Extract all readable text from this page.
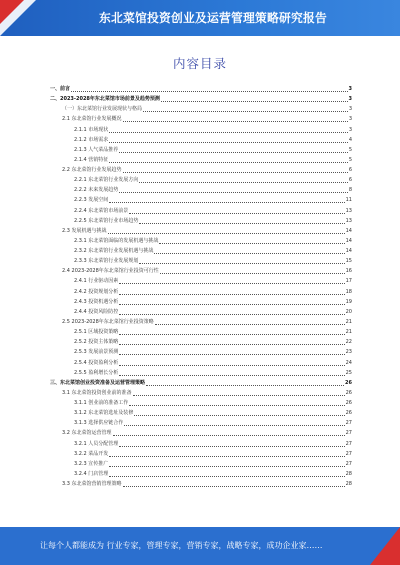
东北菜馆投资创业及运营管理策略研究报告
内容目录
一、前言	3
二、2023-2028年东北菜馆市场前景及趋势预测	3
（一）东北菜馆行业发展现状与格局	3
2.1 东北菜馆行业发展概况	3
2.1.1 市场现状	3
2.1.2 市场需求	4
2.1.3 人气菜品推荐	5
2.1.4 营销特征	5
2.2 东北菜馆行业发展趋势	6
2.2.1 东北菜馆行业发展方向	6
2.2.2 未来发展趋势	8
2.2.3 发展空间	11
2.2.4 东北菜馆市场前景	13
2.2.5 东北菜馆行业市场趋势	13
2.3 发展机遇与挑战	14
2.3.1 东北菜馆面临的发展机遇与挑战	14
2.3.2 东北菜馆行业发展机遇与挑战	14
2.3.3 东北菜馆行业发展规划	15
2.4 2023-2028年东北菜馆行业投资可行性	16
2.4.1 行业驱动因素	17
2.4.2 投资规划分析	18
2.4.3 投资机遇分析	19
2.4.4 投资风险防控	20
2.5 2023-2028年东北菜馆行业投资策略	21
2.5.1 区域投资策略	21
2.5.2 投资主体策略	22
2.5.3 发展前景预测	23
2.5.4 投资盈利分析	24
2.5.5 盈利增长分析	25
三、东北菜馆创业投资准备及运营管理策略	26
3.1 东北菜馆投资创业前的准备	26
3.1.1 创业前的准备工作	26
3.1.2 东北菜馆选址及装修	26
3.1.3 选择供应链合作	27
3.2 东北菜馆运营管理	27
3.2.1 人员分配管理	27
3.2.2 菜品开发	27
3.2.3 宣传推广	27
3.2.4 门店管理	28
3.3 东北菜馆营销管理策略	28
让每个人都能成为 行业专家，管理专家，营销专家，战略专家，成功企业家……
